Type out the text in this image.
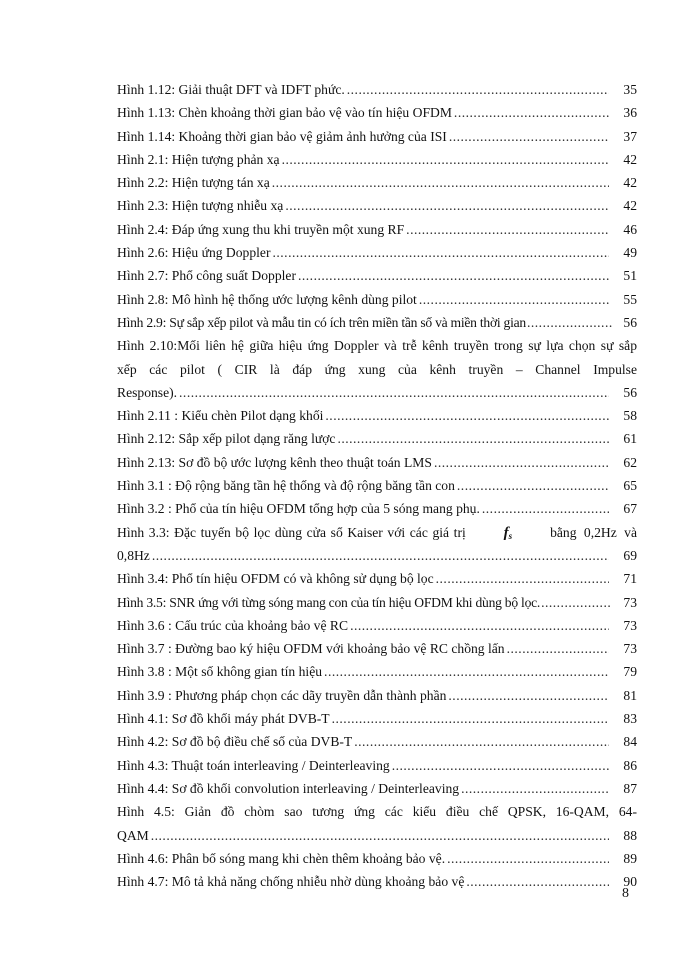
Hình 1.12: Giải thuật DFT và IDFT phức. .....	35
Hình 1.13: Chèn khoảng thời gian bảo vệ vào tín hiệu OFDM .....	36
Hình 1.14: Khoảng thời gian bảo vệ giảm ảnh hưởng của ISI .....	37
Hình 2.1: Hiện tượng phản xạ .....	42
Hình 2.2: Hiện tượng tán xạ .....	42
Hình 2.3: Hiện tượng nhiễu xạ .....	42
Hình 2.4: Đáp ứng xung thu khi truyền một xung RF .....	46
Hình 2.6: Hiệu ứng Doppler .....	49
Hình 2.7: Phổ công suất Doppler .....	51
Hình 2.8: Mô hình hệ thống ước lượng kênh dùng pilot .....	55
Hình 2.9: Sự sắp xếp pilot và mẫu tin có ích trên miền tần số và miền thời gian .....	56
Hình 2.10:Mối liên hệ giữa hiệu ứng Doppler và trễ kênh truyền trong sự lựa chọn sự sắp xếp các pilot ( CIR là đáp ứng xung của kênh truyền – Channel Impulse
Response). .....	56
Hình 2.11 : Kiểu chèn Pilot dạng khối .....	58
Hình 2.12: Sắp xếp pilot dạng răng lược .....	61
Hình 2.13: Sơ đồ bộ ước lượng kênh theo thuật toán LMS .....	62
Hình 3.1 : Độ rộng băng tần hệ thống và độ rộng băng tần con .....	65
Hình 3.2 : Phổ của tín hiệu OFDM tổng hợp của 5 sóng mang phụ. .....	67
Hình 3.3: Đặc tuyến bộ lọc dùng cửa sổ Kaiser với các giá trị	f s	bằng 0,2Hz và
0,8Hz .....	69
Hình 3.4: Phổ tín hiệu OFDM có và không sử dụng bộ lọc .....	71
Hình 3.5: SNR ứng với từng sóng mang con của tín hiệu OFDM khi dùng bộ lọc. .....	73
Hình 3.6 : Cấu trúc của khoảng bảo vệ RC .....	73
Hình 3.7 : Đường bao ký hiệu OFDM với khoảng bảo vệ RC chồng lấn .....	73
Hình 3.8 : Một số không gian tín hiệu .....	79
Hình 3.9 : Phương pháp chọn các dãy truyền dẫn thành phần .....	81
Hình 4.1: Sơ đồ khối máy phát DVB-T .....	83
Hình 4.2: Sơ đồ bộ điều chế số của DVB-T .....	84
Hình 4.3: Thuật toán interleaving / Deinterleaving .....	86
Hình 4.4: Sơ đồ khối convolution interleaving / Deinterleaving .....	87
Hình 4.5: Giản đồ chòm sao tương ứng các kiểu điều chế QPSK, 16-QAM, 64-
QAM .....	88
Hình 4.6: Phân bố sóng mang khi chèn thêm khoảng bảo vệ. .....	89
Hình 4.7: Mô tả khả năng chống nhiễu nhờ dùng khoảng bảo vệ .....	90
8
